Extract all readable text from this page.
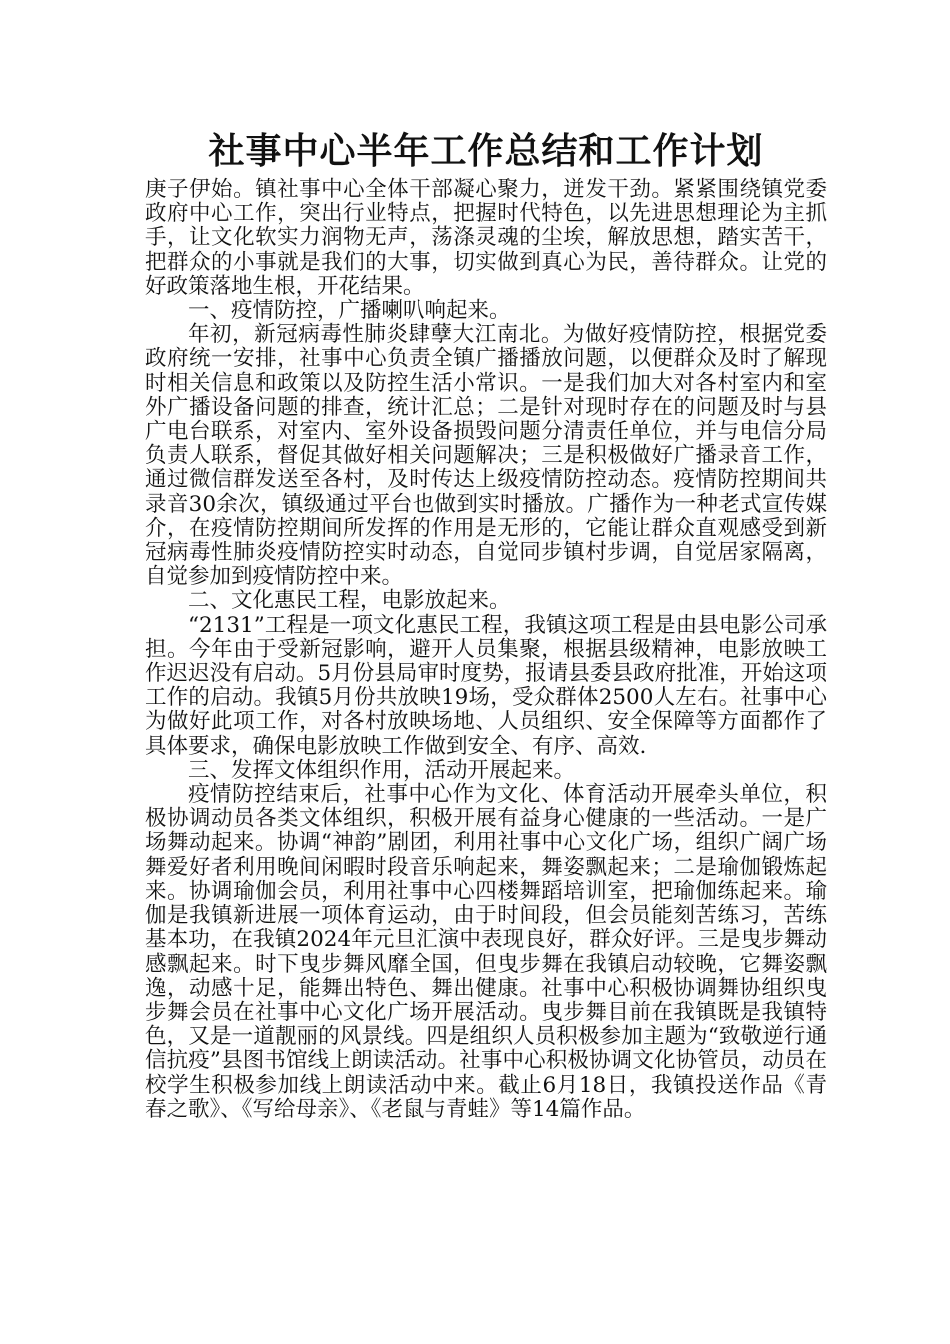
社事中心半年工作总结和工作计划

庚子伊始。镇社事中心全体干部凝心聚力，迸发干劲。紧紧围绕镇党委政府中心工作，突出行业特点，把握时代特色，以先进思想理论为主抓手，让文化软实力润物无声，荡涤灵魂的尘埃，解放思想，踏实苦干，把群众的小事就是我们的大事，切实做到真心为民，善待群众。让党的好政策落地生根，开花结果。

一、疫情防控，广播喇叭响起来。

年初，新冠病毒性肺炎肆孽大江南北。为做好疫情防控，根据党委政府统一安排，社事中心负责全镇广播播放问题，以便群众及时了解现时相关信息和政策以及防控生活小常识。一是我们加大对各村室内和室外广播设备问题的排查，统计汇总；二是针对现时存在的问题及时与县广电台联系，对室内、室外设备损毁问题分清责任单位，并与电信分局负责人联系，督促其做好相关问题解决；三是积极做好广播录音工作，通过微信群发送至各村，及时传达上级疫情防控动态。疫情防控期间共录音30余次，镇级通过平台也做到实时播放。广播作为一种老式宣传媒介，在疫情防控期间所发挥的作用是无形的，它能让群众直观感受到新冠病毒性肺炎疫情防控实时动态，自觉同步镇村步调，自觉居家隔离，自觉参加到疫情防控中来。

二、文化惠民工程，电影放起来。

“2131”工程是一项文化惠民工程，我镇这项工程是由县电影公司承担。今年由于受新冠影响，避开人员集聚，根据县级精神，电影放映工作迟迟没有启动。5月份县局审时度势，报请县委县政府批准，开始这项工作的启动。我镇5月份共放映19场，受众群体2500人左右。社事中心为做好此项工作，对各村放映场地、人员组织、安全保障等方面都作了具体要求，确保电影放映工作做到安全、有序、高效.

三、发挥文体组织作用，活动开展起来。

疫情防控结束后，社事中心作为文化、体育活动开展牵头单位，积极协调动员各类文体组织，积极开展有益身心健康的一些活动。一是广场舞动起来。协调“神韵”剧团，利用社事中心文化广场，组织广阔广场舞爱好者利用晚间闲暇时段音乐响起来，舞姿飘起来；二是瑜伽锻炼起来。协调瑜伽会员，利用社事中心四楼舞蹈培训室，把瑜伽练起来。瑜伽是我镇新进展一项体育运动，由于时间段，但会员能刻苦练习，苦练基本功，在我镇2024年元旦汇演中表现良好，群众好评。三是曳步舞动感飘起来。时下曳步舞风靡全国，但曳步舞在我镇启动较晚，它舞姿飘逸，动感十足，能舞出特色、舞出健康。社事中心积极协调舞协组织曳步舞会员在社事中心文化广场开展活动。曳步舞目前在我镇既是我镇特色，又是一道靓丽的风景线。四是组织人员积极参加主题为“致敬逆行通信抗疫”县图书馆线上朗读活动。社事中心积极协调文化协管员，动员在校学生积极参加线上朗读活动中来。截止6月18日，我镇投送作品《青春之歌》、《写给母亲》、《老鼠与青蛙》等14篇作品。
